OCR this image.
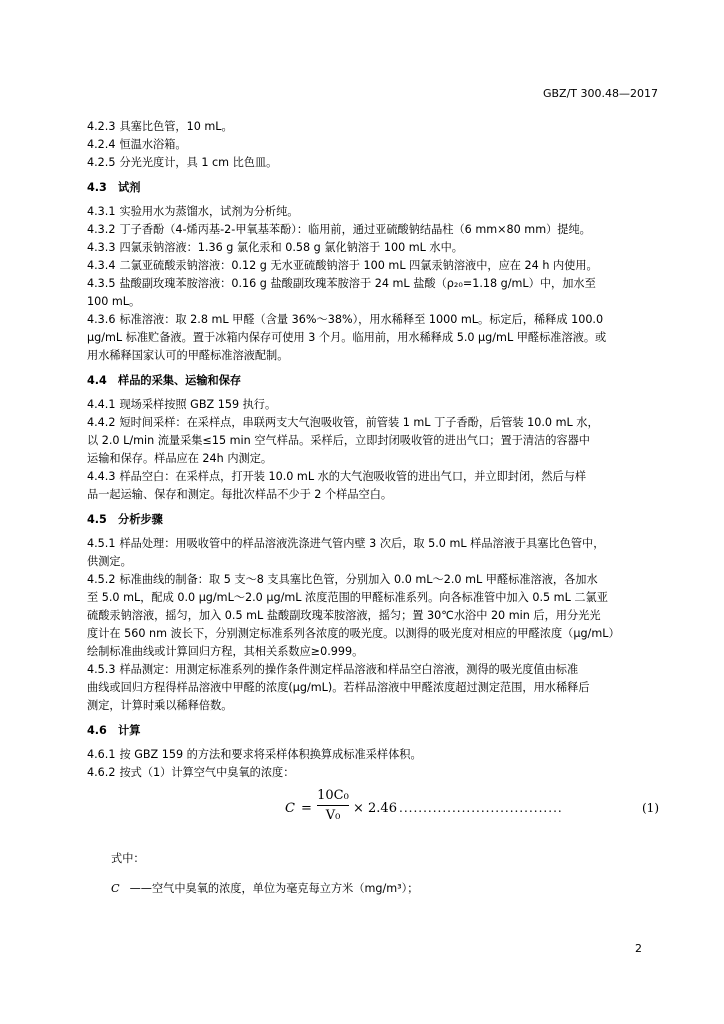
GBZ/T 300.48—2017

4.2.3 具塞比色管，10 mL。

4.2.4 恒温水浴箱。

4.2.5 分光光度计，具 1 cm 比色皿。

4.3　试剂

4.3.1 实验用水为蒸馏水，试剂为分析纯。

4.3.2 丁子香酚（4-烯丙基-2-甲氧基苯酚）：临用前，通过亚硫酸钠结晶柱（6 mm×80 mm）提纯。

4.3.3 四氯汞钠溶液：1.36 g 氯化汞和 0.58 g 氯化钠溶于 100 mL 水中。

4.3.4 二氯亚硫酸汞钠溶液：0.12 g 无水亚硫酸钠溶于 100 mL 四氯汞钠溶液中，应在 24 h 内使用。

4.3.5 盐酸副玫瑰苯胺溶液：0.16 g 盐酸副玫瑰苯胺溶于 24 mL 盐酸（ρ₂₀=1.18 g/mL）中，加水至

100 mL。

4.3.6 标准溶液：取 2.8 mL 甲醛（含量 36%～38%），用水稀释至 1000 mL。标定后，稀释成 100.0

μg/mL 标准贮备液。置于冰箱内保存可使用 3 个月。临用前，用水稀释成 5.0 μg/mL 甲醛标准溶液。或

用水稀释国家认可的甲醛标准溶液配制。

4.4　样品的采集、运输和保存

4.4.1 现场采样按照 GBZ 159 执行。

4.4.2 短时间采样：在采样点，串联两支大气泡吸收管，前管装 1 mL 丁子香酚，后管装 10.0 mL 水，

以 2.0 L/min 流量采集≤15 min 空气样品。采样后，立即封闭吸收管的进出气口；置于清洁的容器中

运输和保存。样品应在 24h 内测定。

4.4.3 样品空白：在采样点，打开装 10.0 mL 水的大气泡吸收管的进出气口，并立即封闭，然后与样

品一起运输、保存和测定。每批次样品不少于 2 个样品空白。

4.5　分析步骤

4.5.1 样品处理：用吸收管中的样品溶液洗涤进气管内壁 3 次后，取 5.0 mL 样品溶液于具塞比色管中，

供测定。

4.5.2 标准曲线的制备：取 5 支～8 支具塞比色管，分别加入 0.0 mL～2.0 mL 甲醛标准溶液，各加水

至 5.0 mL，配成 0.0 μg/mL～2.0 μg/mL 浓度范围的甲醛标准系列。向各标准管中加入 0.5 mL 二氯亚

硫酸汞钠溶液，摇匀，加入 0.5 mL 盐酸副玫瑰苯胺溶液，摇匀；置 30℃水浴中 20 min 后，用分光光

度计在 560 nm 波长下，分别测定标准系列各浓度的吸光度。以测得的吸光度对相应的甲醛浓度（μg/mL）

绘制标准曲线或计算回归方程，其相关系数应≥0.999。

4.5.3 样品测定：用测定标准系列的操作条件测定样品溶液和样品空白溶液，测得的吸光度值由标准

曲线或回归方程得样品溶液中甲醛的浓度(μg/mL)。若样品溶液中甲醛浓度超过测定范围，用水稀释后

测定，计算时乘以稀释倍数。

4.6　计算

4.6.1 按 GBZ 159 的方法和要求将采样体积换算成标准采样体积。

4.6.2 按式（1）计算空气中臭氧的浓度：

$C = \frac{\text{10C₀}}{\text{V₀}} \times 2.46$ ..................................	(1)

式中：

C ——空气中臭氧的浓度，单位为毫克每立方米（mg/m³）；

2
